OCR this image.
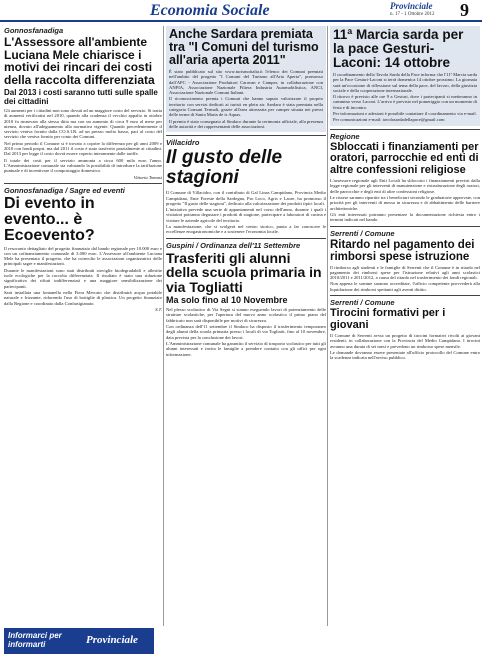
Economia Sociale	Provinciale
n. 17 - 1 Ottobre 2012 9
Gonnosfanadiga
L'Assessore all'ambiente Luciana Mele chiarisce i motivi dei rincari dei costi della raccolta differenziata
Dal 2013 i costi saranno tutti sulle spalle dei cittadini

Gli aumenti per i cittadini non sono dovuti ad un maggiore costo del servizio. Si tratta di aumenti verificatisi nel 2010, quando alla scadenza il vecchio appalto in ottobre 2010 fu rinnovato alla stessa ditta ma con un aumento di circa 9 euro al mese per utenza, dovuto all'adeguamento alla normativa vigente. Quando precedentemente il servizio veniva fornito dalla CO.S.I.R. ad un prezzo molto basso, pari al costo del servizio che veniva fornito per conto dei Comuni.

Nel primo periodo il Comune si è trovato a coprire la differenza per gli anni 2009 e 2010 con fondi propri, ma dal 2011 il costo è stato trasferito parzialmente ai cittadini. Dal 2013 per legge il costo dovrà essere coperto interamente dalle tariffe.

Il totale dei costi per il servizio ammonta a circa 600 mila euro l'anno. L'Amministrazione comunale sta valutando la possibilità di introdurre la tariffazione puntuale e di incentivare il compostaggio domestico.

Vittoria Tomasi
Gonnosfanadiga / Sagre ed eventi
Di evento in evento... è Ecoevento?

Il resoconto dettagliato del progetto finanziato dal bando regionale per 10.000 euro e con un cofinanziamento comunale di 3.000 euro. L'Assessore all'ambiente Luciana Mele ha presentato il progetto, che ha coinvolto le associazioni organizzatrici delle principali sagre e manifestazioni.

Durante le manifestazioni sono stati distribuiti stoviglie biodegradabili e allestite isole ecologiche per la raccolta differenziata. Il risultato è stato una riduzione significativa dei rifiuti indifferenziati e una maggiore sensibilizzazione dei partecipanti.

Sarà installata una fontanella nella Fiera Mercato che distribuirà acqua potabile naturale e frizzante, riducendo l'uso di bottiglie di plastica. Un progetto finanziato dalla Regione e coordinato dalla Confartigianato.

S.T.
Informarci per informarti	Provinciale
Anche Sardara premiata tra "I Comuni del turismo all'aria aperta 2011"

È stato pubblicato sul sito www.turismoitalia.it l'elenco dei Comuni premiati nell'ambito del progetto "I Comuni del Turismo all'Aria Aperta", promosso dall'APC - Associazione Produttori Caravan e Camper, in collaborazione con ANFIA, Associazione Nazionale Filiera Industria Automobilistica, ANCI, Associazione Nazionale Comuni Italiani.

Il riconoscimento premia i Comuni che hanno saputo valorizzare il proprio territorio con servizi dedicati ai turisti en plein air. Sardara è stata premiata nella categoria Comuni Termali, grazie all'area attrezzata per camper situata nei pressi delle terme di Santa Maria de is Aquas.

Il premio è stato consegnato al Sindaco durante la cerimonia ufficiale, alla presenza delle autorità e dei rappresentanti delle associazioni.

Villacidro
Il gusto delle stagioni

Il Comune di Villacidro, con il contributo di Gal Linas Campidano, Provincia Medio Campidano, Ente Foreste della Sardegna, Pro Loco, Agris e Laore, ha promosso il progetto "Il gusto delle stagioni", dedicato alla valorizzazione dei prodotti tipici locali.

L'iniziativa prevede una serie di appuntamenti nel corso dell'anno, durante i quali i visitatori potranno degustare i prodotti di stagione, partecipare a laboratori di cucina e visitare le aziende agricole del territorio.

La manifestazione, che si svolgerà nel centro storico, punta a far conoscere le eccellenze enogastronomiche e a sostenere l'economia locale.

Guspini / Ordinanza dell'11 Settembre
Trasferiti gli alunni della scuola primaria in via Togliatti
Ma solo fino al 10 Novembre

Nel plesso scolastico di Via Segni si stanno eseguendo lavori di potenziamento delle strutture scolastiche, per l'apertura del nuovo anno scolastico il primo piano del fabbricato non sarà disponibile per motivi di sicurezza.

Con ordinanza dell'11 settembre il Sindaco ha disposto il trasferimento temporaneo degli alunni della scuola primaria presso i locali di via Togliatti, fino al 10 novembre, data prevista per la conclusione dei lavori.

L'Amministrazione comunale ha garantito il servizio di trasporto scolastico per tutti gli alunni interessati e invita le famiglie a prendere contatto con gli uffici per ogni informazione.

11ª Marcia sarda per la pace Gesturi-Laconi: 14 ottobre

Il coordinamento della Tavola Sarda della Pace informa che l'11ª Marcia sarda per la Pace Gesturi-Laconi si terrà domenica 14 ottobre prossimo. La giornata sarà un'occasione di riflessione sul tema della pace, del lavoro, della giustizia sociale e della cooperazione internazionale.

Il ritrovo è previsto alle ore 9 a Gesturi, dove i partecipanti si metteranno in cammino verso Laconi. L'arrivo è previsto nel pomeriggio con un momento di festa e di incontro.

Per informazioni e adesioni è possibile contattare il coordinamento via e-mail.

Per comunicazioni e-mail: tavolasardadellapace@gmail.com

Regione
Sbloccati i finanziamenti per oratori, parrocchie ed enti di altre confessioni religiose

L'assessore regionale agli Enti Locali ha sbloccato i finanziamenti previsti dalla legge regionale per gli interventi di manutenzione e ristrutturazione degli oratori, delle parrocchie e degli enti di altre confessioni religiose.

Le risorse saranno ripartite tra i beneficiari secondo le graduatorie approvate, con priorità per gli interventi di messa in sicurezza e di abbattimento delle barriere architettoniche.

Gli enti interessati potranno presentare la documentazione richiesta entro i termini indicati nel bando.

Serrenti / Comune
Ritardo nel pagamento dei rimborsi spese istruzione

Il rimborso agli studenti e le famiglie di Serrenti che il Comune è in ritardo nel pagamento dei rimborsi spese per l'istruzione relativi agli anni scolastici 2010/2011 e 2011/2012, a causa del ritardo nel trasferimento dei fondi regionali.

Non appena le somme saranno accreditate, l'ufficio competente provvederà alla liquidazione dei rimborsi spettanti agli aventi diritto.

Serrenti / Comune
Tirocini formativi per i giovani

Il Comune di Serrenti avvia un progetto di tirocini formativi rivolti ai giovani residenti, in collaborazione con la Provincia del Medio Campidano. I tirocini avranno una durata di sei mesi e prevedono un rimborso spese mensile.

Le domande dovranno essere presentate all'ufficio protocollo del Comune entro la scadenza indicata nell'avviso pubblico.
